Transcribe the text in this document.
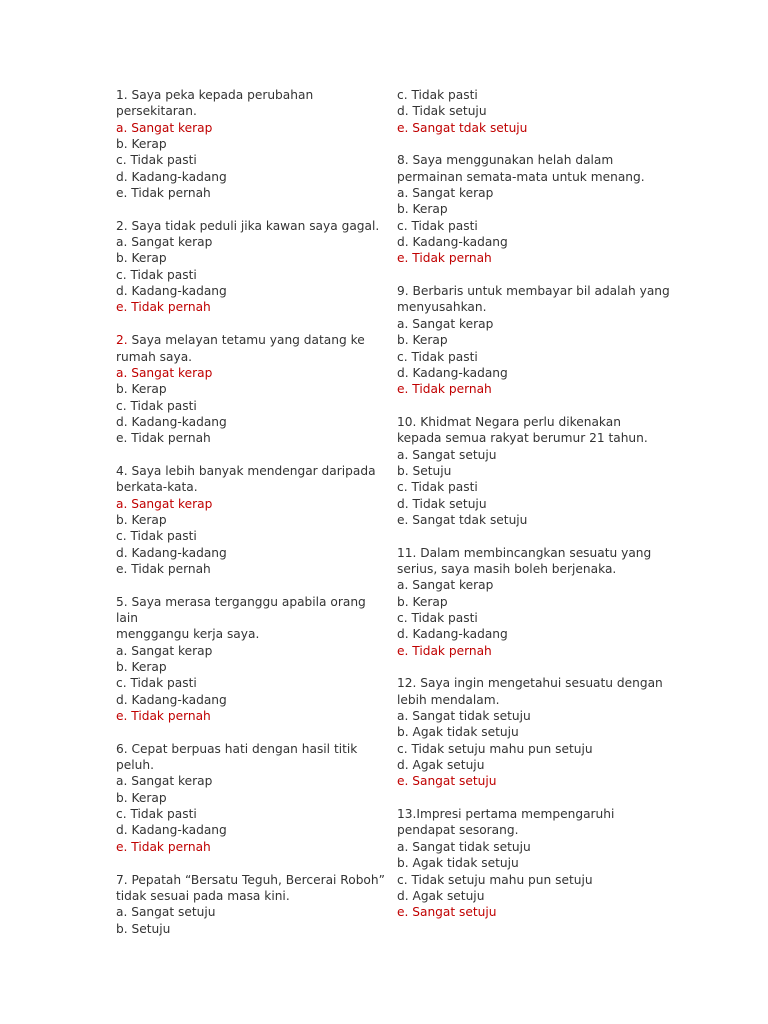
1. Saya peka kepada perubahan
persekitaran.
a. Sangat kerap
b. Kerap
c. Tidak pasti
d. Kadang-kadang
e. Tidak pernah
2. Saya tidak peduli jika kawan saya gagal.
a. Sangat kerap
b. Kerap
c. Tidak pasti
d. Kadang-kadang
e. Tidak pernah
2. Saya melayan tetamu yang datang ke
rumah saya.
a. Sangat kerap
b. Kerap
c. Tidak pasti
d. Kadang-kadang
e. Tidak pernah
4. Saya lebih banyak mendengar daripada
berkata-kata.
a. Sangat kerap
b. Kerap
c. Tidak pasti
d. Kadang-kadang
e. Tidak pernah
5. Saya merasa terganggu apabila orang lain
menggangu kerja saya.
a. Sangat kerap
b. Kerap
c. Tidak pasti
d. Kadang-kadang
e. Tidak pernah
6. Cepat berpuas hati dengan hasil titik
peluh.
a. Sangat kerap
b. Kerap
c. Tidak pasti
d. Kadang-kadang
e. Tidak pernah
7. Pepatah “Bersatu Teguh, Bercerai Roboh”
tidak sesuai pada masa kini.
a. Sangat setuju
b. Setuju
c. Tidak pasti
d. Tidak setuju
e. Sangat tdak setuju
8. Saya menggunakan helah dalam
permainan semata-mata untuk menang.
a. Sangat kerap
b. Kerap
c. Tidak pasti
d. Kadang-kadang
e. Tidak pernah
9. Berbaris untuk membayar bil adalah yang
menyusahkan.
a. Sangat kerap
b. Kerap
c. Tidak pasti
d. Kadang-kadang
e. Tidak pernah
10. Khidmat Negara perlu dikenakan
kepada semua rakyat berumur 21 tahun.
a. Sangat setuju
b. Setuju
c. Tidak pasti
d. Tidak setuju
e. Sangat tdak setuju
11. Dalam membincangkan sesuatu yang
serius, saya masih boleh berjenaka.
a. Sangat kerap
b. Kerap
c. Tidak pasti
d. Kadang-kadang
e. Tidak pernah
12. Saya ingin mengetahui sesuatu dengan
lebih mendalam.
a. Sangat tidak setuju
b. Agak tidak setuju
c. Tidak setuju mahu pun setuju
d. Agak setuju
e. Sangat setuju
13.Impresi pertama mempengaruhi
pendapat sesorang.
a. Sangat tidak setuju
b. Agak tidak setuju
c. Tidak setuju mahu pun setuju
d. Agak setuju
e. Sangat setuju
